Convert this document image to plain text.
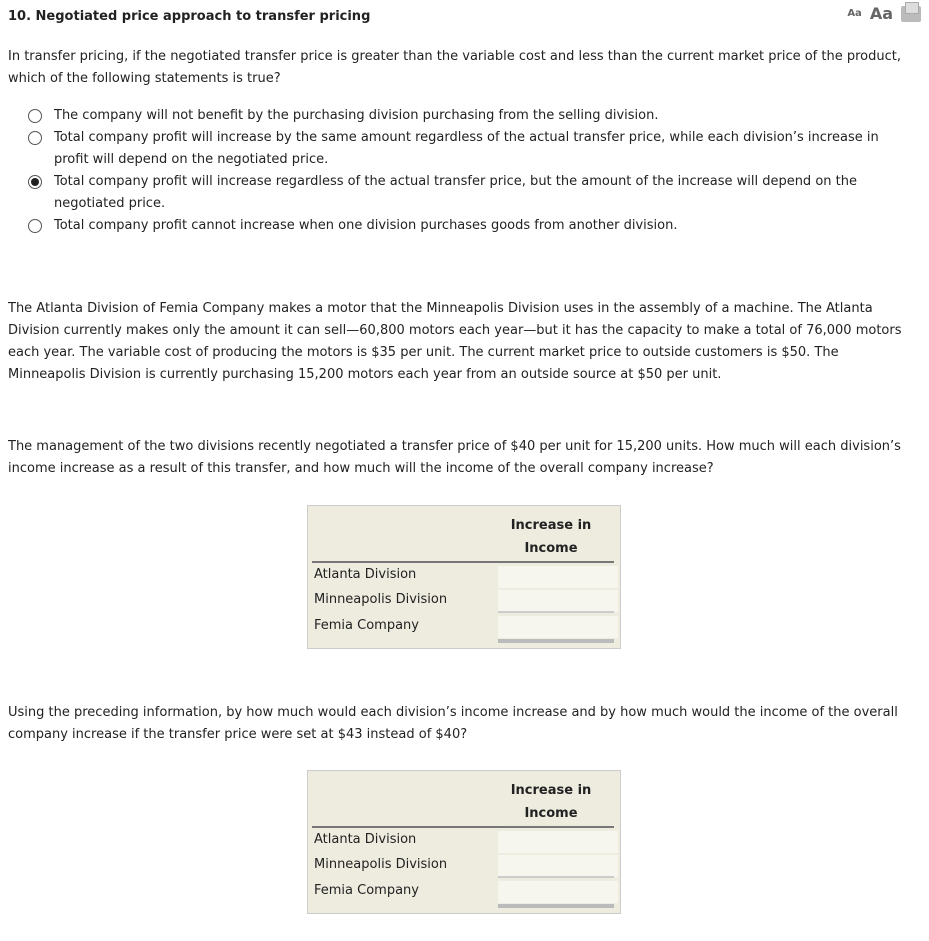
10. Negotiated price approach to transfer pricing	Aa Aa
In transfer pricing, if the negotiated transfer price is greater than the variable cost and less than the current market price of the product, which of the following statements is true?
The company will not benefit by the purchasing division purchasing from the selling division.
Total company profit will increase by the same amount regardless of the actual transfer price, while each division’s increase in profit will depend on the negotiated price.
Total company profit will increase regardless of the actual transfer price, but the amount of the increase will depend on the negotiated price.
Total company profit cannot increase when one division purchases goods from another division.
The Atlanta Division of Femia Company makes a motor that the Minneapolis Division uses in the assembly of a machine. The Atlanta Division currently makes only the amount it can sell—60,800 motors each year—but it has the capacity to make a total of 76,000 motors each year. The variable cost of producing the motors is $35 per unit. The current market price to outside customers is $50. The Minneapolis Division is currently purchasing 15,200 motors each year from an outside source at $50 per unit.
The management of the two divisions recently negotiated a transfer price of $40 per unit for 15,200 units. How much will each division’s income increase as a result of this transfer, and how much will the income of the overall company increase?
Increase in
Income
Atlanta Division
Minneapolis Division
Femia Company
Using the preceding information, by how much would each division’s income increase and by how much would the income of the overall company increase if the transfer price were set at $43 instead of $40?
Increase in
Income
Atlanta Division
Minneapolis Division
Femia Company
